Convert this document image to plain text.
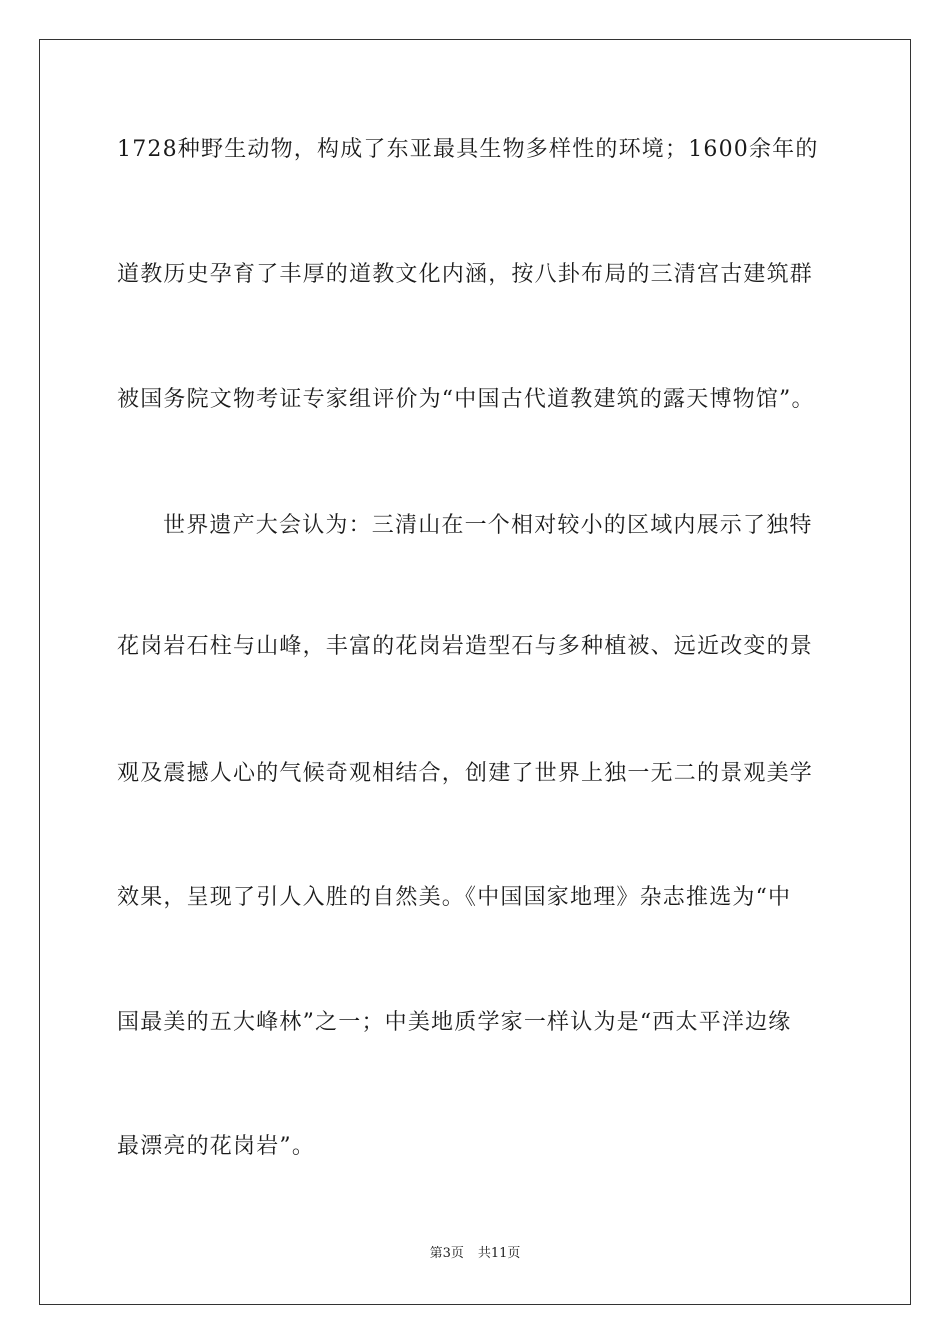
1728种野生动物，构成了东亚最具生物多样性的环境；1600余年的
道教历史孕育了丰厚的道教文化内涵，按八卦布局的三清宫古建筑群
被国务院文物考证专家组评价为“中国古代道教建筑的露天博物馆”。
世界遗产大会认为：三清山在一个相对较小的区域内展示了独特
花岗岩石柱与山峰，丰富的花岗岩造型石与多种植被、远近改变的景
观及震撼人心的气候奇观相结合，创建了世界上独一无二的景观美学
效果，呈现了引人入胜的自然美。《中国国家地理》杂志推选为“中
国最美的五大峰林”之一；中美地质学家一样认为是“西太平洋边缘
最漂亮的花岗岩”。
第3页 共11页
